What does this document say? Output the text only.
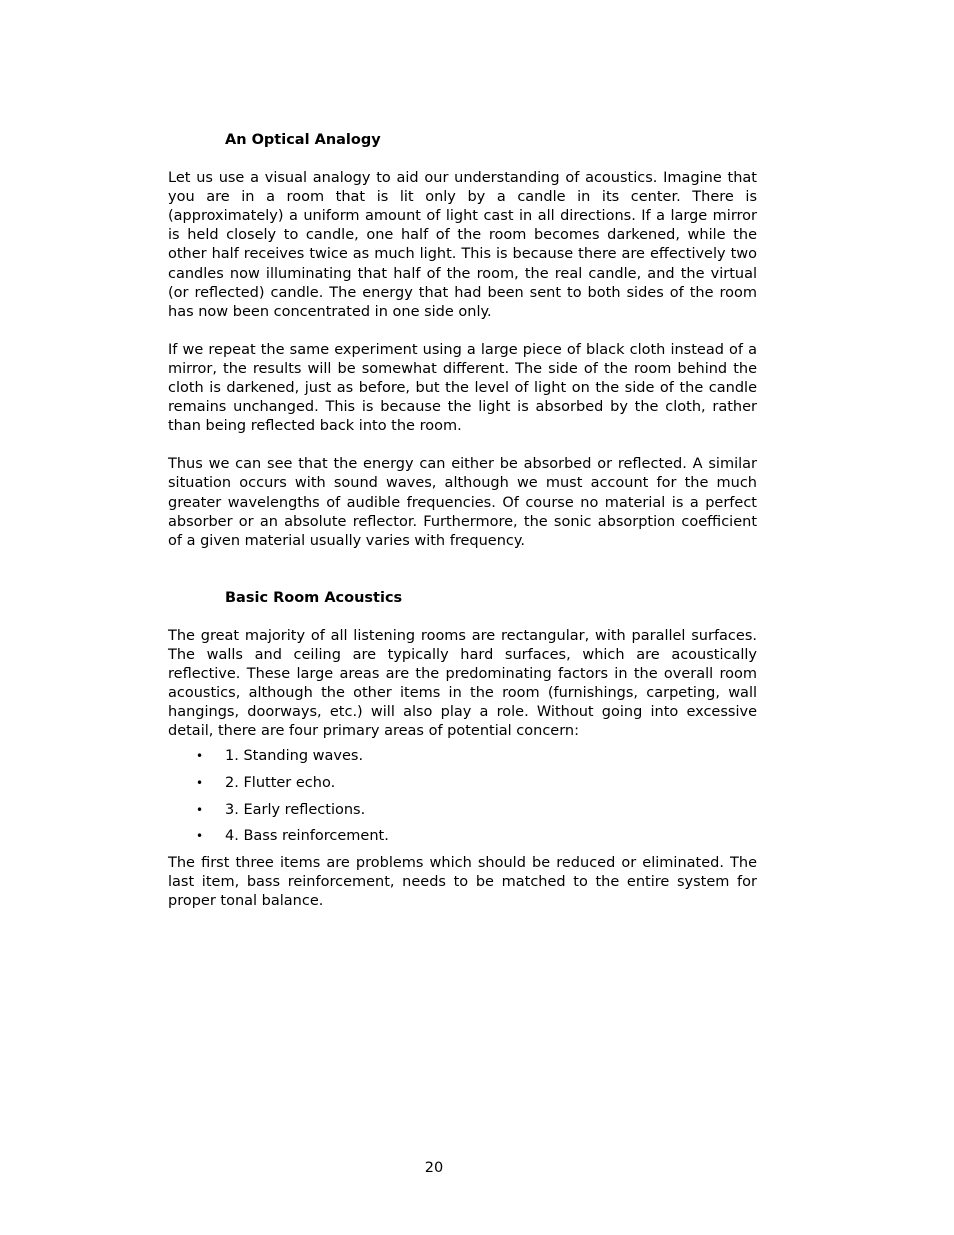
An Optical Analogy

Let us use a visual analogy to aid our understanding of acoustics. Imagine that you are in a room that is lit only by a candle in its center. There is (approximately) a uniform amount of light cast in all directions. If a large mirror is held closely to candle, one half of the room becomes darkened, while the other half receives twice as much light. This is because there are effectively two candles now illuminating that half of the room, the real candle, and the virtual (or reflected) candle. The energy that had been sent to both sides of the room has now been concentrated in one side only.

If we repeat the same experiment using a large piece of black cloth instead of a mirror, the results will be somewhat different. The side of the room behind the cloth is darkened, just as before, but the level of light on the side of the candle remains unchanged. This is because the light is absorbed by the cloth, rather than being reflected back into the room.

Thus we can see that the energy can either be absorbed or reflected. A similar situation occurs with sound waves, although we must account for the much greater wavelengths of audible frequencies. Of course no material is a perfect absorber or an absolute reflector. Furthermore, the sonic absorption coefficient of a given material usually varies with frequency.

Basic Room Acoustics

The great majority of all listening rooms are rectangular, with parallel surfaces. The walls and ceiling are typically hard surfaces, which are acoustically reflective. These large areas are the predominating factors in the overall room acoustics, although the other items in the room (furnishings, carpeting, wall hangings, doorways, etc.) will also play a role. Without going into excessive detail, there are four primary areas of potential concern:

• 1. Standing waves.
• 2. Flutter echo.
• 3. Early reflections.
• 4. Bass reinforcement.

The first three items are problems which should be reduced or eliminated. The last item, bass reinforcement, needs to be matched to the entire system for proper tonal balance.

20
